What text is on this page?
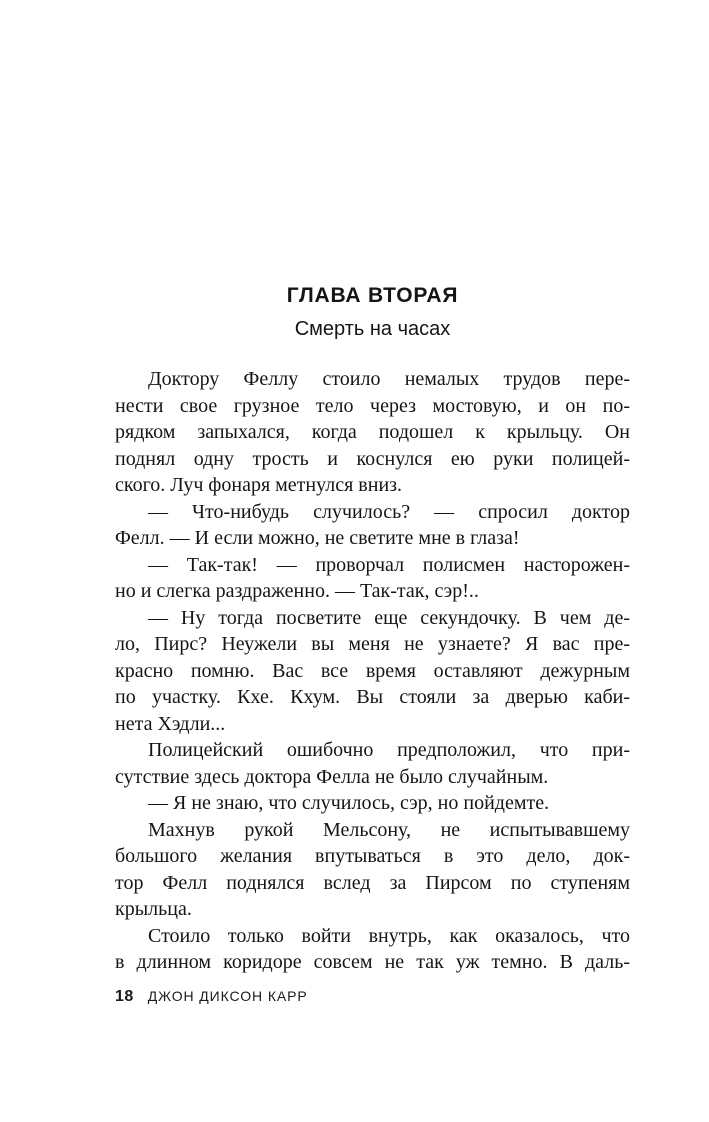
ГЛАВА ВТОРАЯ
Смерть на часах
Доктору Феллу стоило немалых трудов пере-
нести свое грузное тело через мостовую, и он по-
рядком запыхался, когда подошел к крыльцу. Он
поднял одну трость и коснулся ею руки полицей-
ского. Луч фонаря метнулся вниз.
— Что-нибудь случилось? — спросил доктор
Фелл. — И если можно, не светите мне в глаза!
— Так-так! — проворчал полисмен насторожен-
но и слегка раздраженно. — Так-так, сэр!..
— Ну тогда посветите еще секундочку. В чем де-
ло, Пирс? Неужели вы меня не узнаете? Я вас пре-
красно помню. Вас все время оставляют дежурным
по участку. Кхе. Кхум. Вы стояли за дверью каби-
нета Хэдли...
Полицейский ошибочно предположил, что при-
сутствие здесь доктора Фелла не было случайным.
— Я не знаю, что случилось, сэр, но пойдемте.
Махнув рукой Мельсону, не испытывавшему
большого желания впутываться в это дело, док-
тор Фелл поднялся вслед за Пирсом по ступеням
крыльца.
Стоило только войти внутрь, как оказалось, что
в длинном коридоре совсем не так уж темно. В даль-
18 ДЖОН ДИКСОН КАРР
